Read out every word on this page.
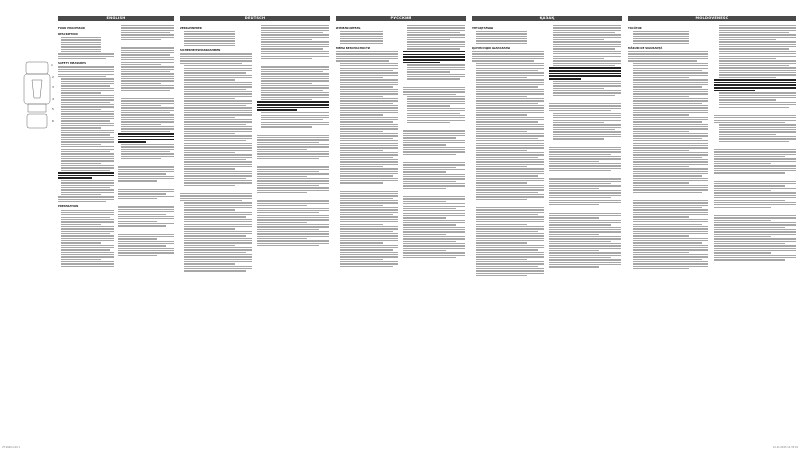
1
2
3
4
5
6
ENGLISH	DEUTSCH	РУССКИЙ	ҚАЗАҚ	MOLDOVENESC
FOOD PROCESSOR
DESCRIPTION
SAFETY MEASURES
PREPARATION

ZERKLEINERER
SICHERHEITSMASSNAHMEN

ИЗМЕЛЬЧИТЕЛЬ
МЕРЫ БЕЗОПАСНОСТИ

ҰНТАҚТАҒЫШ
ҚАУІПСІЗДІК ШАРАЛАРЫ

TOCĂTOR
MĂSURI DE SIGURANȚĂ

VT-1640.indd 1	12.11.2015 11:33:01
